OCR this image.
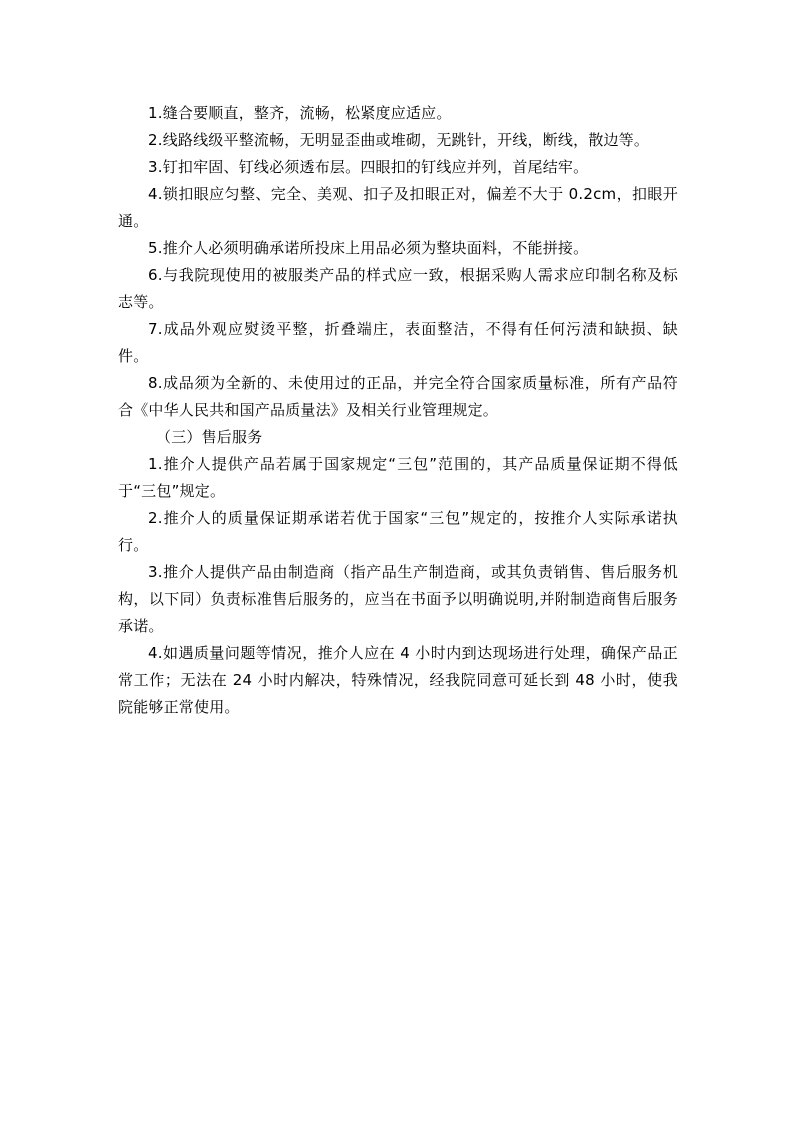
1.缝合要顺直，整齐，流畅，松紧度应适应。

2.线路线级平整流畅，无明显歪曲或堆砌，无跳针，开线，断线，散边等。

3.钉扣牢固、钉线必须透布层。四眼扣的钉线应并列，首尾结牢。

4.锁扣眼应匀整、完全、美观、扣子及扣眼正对，偏差不大于 0.2cm，扣眼开通。

5.推介人必须明确承诺所投床上用品必须为整块面料，不能拼接。

6.与我院现使用的被服类产品的样式应一致，根据采购人需求应印制名称及标志等。

7.成品外观应熨烫平整，折叠端庄，表面整洁，不得有任何污渍和缺损、缺件。

8.成品须为全新的、未使用过的正品，并完全符合国家质量标准，所有产品符合《中华人民共和国产品质量法》及相关行业管理规定。

（三）售后服务

1.推介人提供产品若属于国家规定“三包”范围的，其产品质量保证期不得低于“三包”规定。

2.推介人的质量保证期承诺若优于国家“三包”规定的，按推介人实际承诺执行。

3.推介人提供产品由制造商（指产品生产制造商，或其负责销售、售后服务机构，以下同）负责标准售后服务的，应当在书面予以明确说明,并附制造商售后服务承诺。

4.如遇质量问题等情况，推介人应在 4 小时内到达现场进行处理，确保产品正常工作；无法在 24 小时内解决，特殊情况，经我院同意可延长到 48 小时，使我院能够正常使用。
